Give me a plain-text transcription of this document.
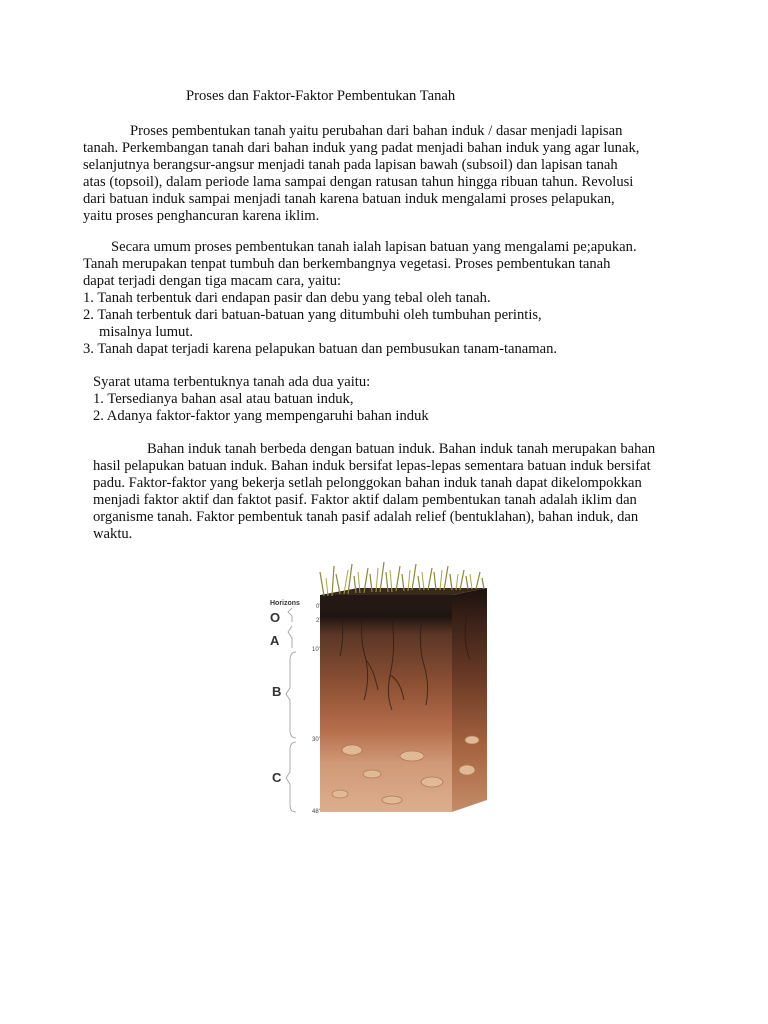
Proses dan Faktor-Faktor Pembentukan Tanah
Proses pembentukan tanah yaitu perubahan dari bahan induk / dasar menjadi lapisan
tanah. Perkembangan tanah dari bahan induk yang padat menjadi bahan induk yang agar lunak,
selanjutnya berangsur-angsur menjadi tanah pada lapisan bawah (subsoil) dan lapisan tanah
atas (topsoil), dalam periode lama sampai dengan ratusan tahun hingga ribuan tahun. Revolusi
dari batuan induk sampai menjadi tanah karena batuan induk mengalami proses pelapukan,
yaitu proses penghancuran karena iklim.
Secara umum proses pembentukan tanah ialah lapisan batuan yang mengalami pe;apukan.
Tanah merupakan tenpat tumbuh dan berkembangnya vegetasi. Proses pembentukan tanah
dapat terjadi dengan tiga macam cara, yaitu:
1. Tanah terbentuk dari endapan pasir dan debu yang tebal oleh tanah.
2. Tanah terbentuk dari batuan-batuan yang ditumbuhi oleh tumbuhan perintis,
misalnya lumut.
3. Tanah dapat terjadi karena pelapukan batuan dan pembusukan tanam-tanaman.
Syarat utama terbentuknya tanah ada dua yaitu:
1. Tersedianya bahan asal atau batuan induk,
2. Adanya faktor-faktor yang mempengaruhi bahan induk
Bahan induk tanah berbeda dengan batuan induk. Bahan induk tanah merupakan bahan
hasil pelapukan batuan induk. Bahan induk bersifat lepas-lepas sementara batuan induk bersifat
padu. Faktor-faktor yang bekerja setlah pelonggokan bahan induk tanah dapat dikelompokkan
menjadi faktor aktif dan faktot pasif. Faktor aktif dalam pembentukan tanah adalah iklim dan
organisme tanah. Faktor pembentuk tanah pasif adalah relief (bentuklahan), bahan induk, dan
waktu.
Horizons
O
A
B
C
0'
2'
10'
30'
48'
